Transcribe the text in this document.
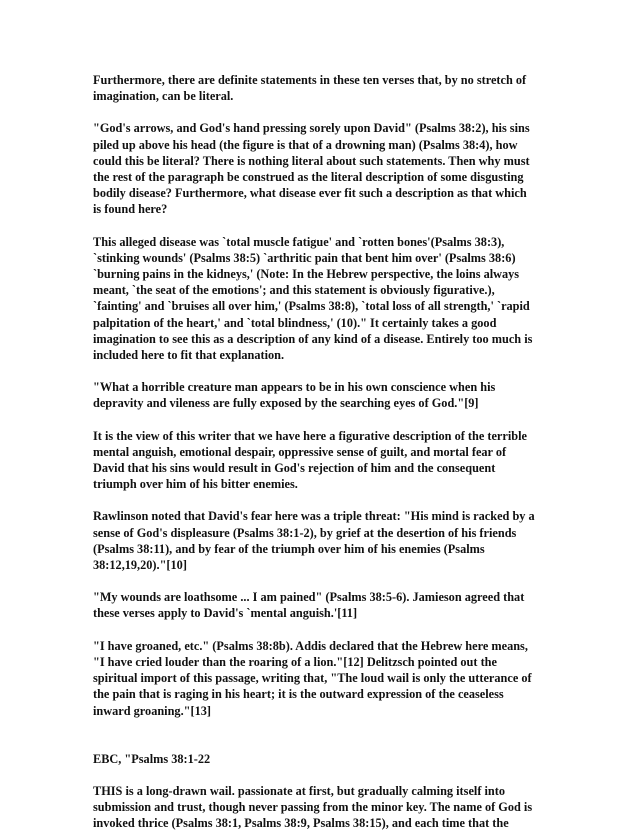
Furthermore, there are definite statements in these ten verses that, by no stretch of
imagination, can be literal.

"God's arrows, and God's hand pressing sorely upon David" (Psalms 38:2), his sins
piled up above his head (the figure is that of a drowning man) (Psalms 38:4), how
could this be literal? There is nothing literal about such statements. Then why must
the rest of the paragraph be construed as the literal description of some disgusting
bodily disease? Furthermore, what disease ever fit such a description as that which
is found here?

This alleged disease was `total muscle fatigue' and `rotten bones'(Psalms 38:3),
`stinking wounds' (Psalms 38:5) `arthritic pain that bent him over' (Psalms 38:6)
`burning pains in the kidneys,' (Note: In the Hebrew perspective, the loins always
meant, `the seat of the emotions'; and this statement is obviously figurative.),
`fainting' and `bruises all over him,' (Psalms 38:8), `total loss of all strength,' `rapid
palpitation of the heart,' and `total blindness,' (10)." It certainly takes a good
imagination to see this as a description of any kind of a disease. Entirely too much is
included here to fit that explanation.

"What a horrible creature man appears to be in his own conscience when his
depravity and vileness are fully exposed by the searching eyes of God."[9]

It is the view of this writer that we have here a figurative description of the terrible
mental anguish, emotional despair, oppressive sense of guilt, and mortal fear of
David that his sins would result in God's rejection of him and the consequent
triumph over him of his bitter enemies.

Rawlinson noted that David's fear here was a triple threat: "His mind is racked by a
sense of God's displeasure (Psalms 38:1-2), by grief at the desertion of his friends
(Psalms 38:11), and by fear of the triumph over him of his enemies (Psalms
38:12,19,20)."[10]

"My wounds are loathsome ... I am pained" (Psalms 38:5-6). Jamieson agreed that
these verses apply to David's `mental anguish.'[11]

"I have groaned, etc." (Psalms 38:8b). Addis declared that the Hebrew here means,
"I have cried louder than the roaring of a lion."[12] Delitzsch pointed out the
spiritual import of this passage, writing that, "The loud wail is only the utterance of
the pain that is raging in his heart; it is the outward expression of the ceaseless
inward groaning."[13]

EBC, "Psalms 38:1-22

THIS is a long-drawn wail. passionate at first, but gradually calming itself into
submission and trust, though never passing from the minor key. The name of God is
invoked thrice (Psalms 38:1, Psalms 38:9, Psalms 38:15), and each time that the
